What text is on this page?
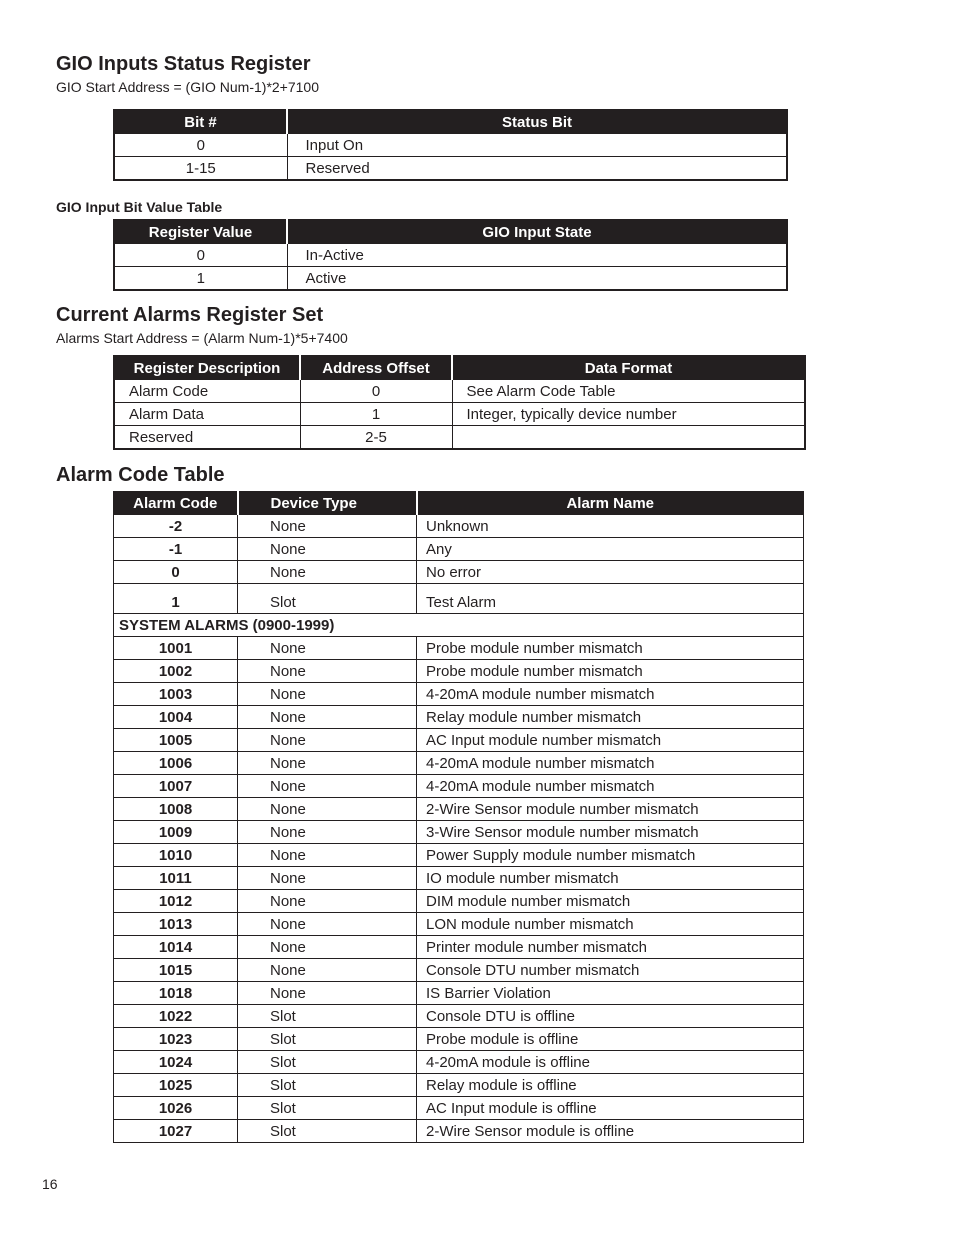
GIO Inputs Status Register
GIO Start Address = (GIO Num-1)*2+7100
Bit #	Status Bit
0	Input On
1-15	Reserved
GIO Input Bit Value Table
Register Value	GIO Input State
0	In-Active
1	Active
Current Alarms Register Set
Alarms Start Address = (Alarm Num-1)*5+7400
Register Description	Address Offset	Data Format
Alarm Code	0	See Alarm Code Table
Alarm Data	1	Integer, typically device number
Reserved	2-5	
Alarm Code Table
Alarm Code	Device Type	Alarm Name
-2	None	Unknown
-1	None	Any
0	None	No error
1	Slot	Test Alarm
SYSTEM ALARMS (0900-1999)		
1001	None	Probe module number mismatch
1002	None	Probe module number mismatch
1003	None	4-20mA module number mismatch
1004	None	Relay module number mismatch
1005	None	AC Input module number mismatch
1006	None	4-20mA module number mismatch
1007	None	4-20mA module number mismatch
1008	None	2-Wire Sensor module number mismatch
1009	None	3-Wire Sensor module number mismatch
1010	None	Power Supply module number mismatch
1011	None	IO module number mismatch
1012	None	DIM module number mismatch
1013	None	LON module number mismatch
1014	None	Printer module number mismatch
1015	None	Console DTU number mismatch
1018	None	IS Barrier Violation
1022	Slot	Console DTU is offline
1023	Slot	Probe module is offline
1024	Slot	4-20mA module is offline
1025	Slot	Relay module is offline
1026	Slot	AC Input module is offline
1027	Slot	2-Wire Sensor module is offline
16
